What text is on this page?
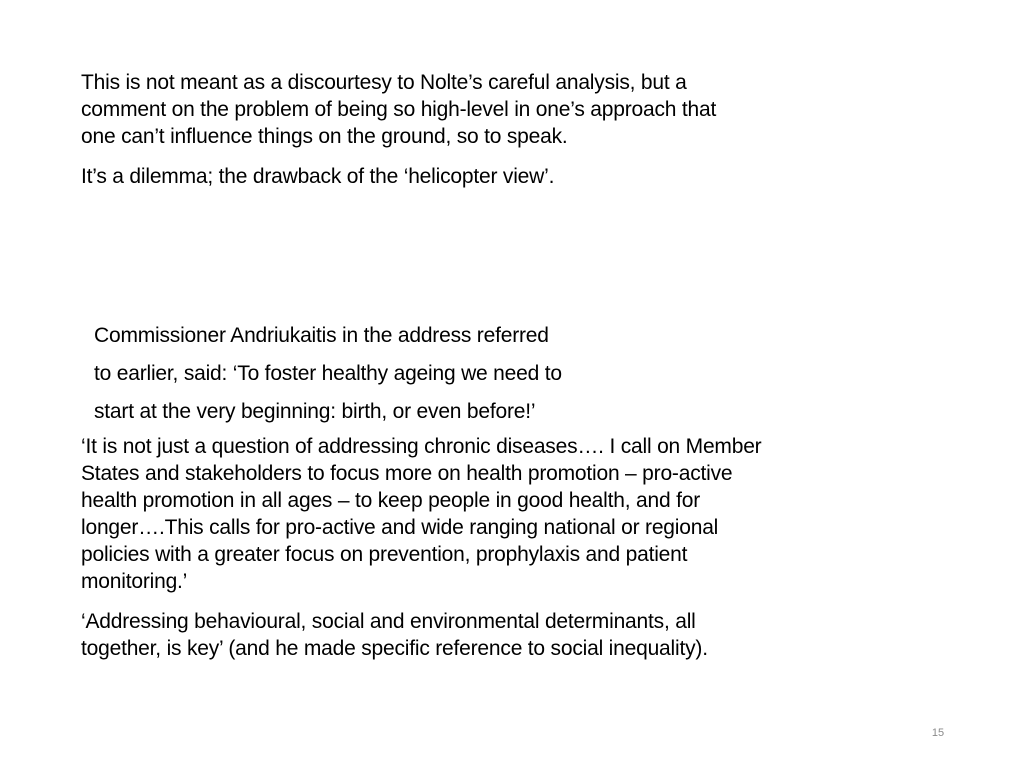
This is not meant as a discourtesy to Nolte’s careful analysis, but a
comment on the problem of being so high-level in one’s approach that
one can’t influence things on the ground, so to speak.

It’s a dilemma; the drawback of the ‘helicopter view’.

Commissioner Andriukaitis in the address referred
to earlier, said: ‘To foster healthy ageing we need to
start at the very beginning: birth, or even before!’

‘It is not just a question of addressing chronic diseases…. I call on Member
States and stakeholders to focus more on health promotion – pro-active
health promotion in all ages – to keep people in good health, and for
longer….This calls for pro-active and wide ranging national or regional
policies with a greater focus on prevention, prophylaxis and patient
monitoring.’

‘Addressing behavioural, social and environmental determinants, all
together, is key’ (and he made specific reference to social inequality).

15
